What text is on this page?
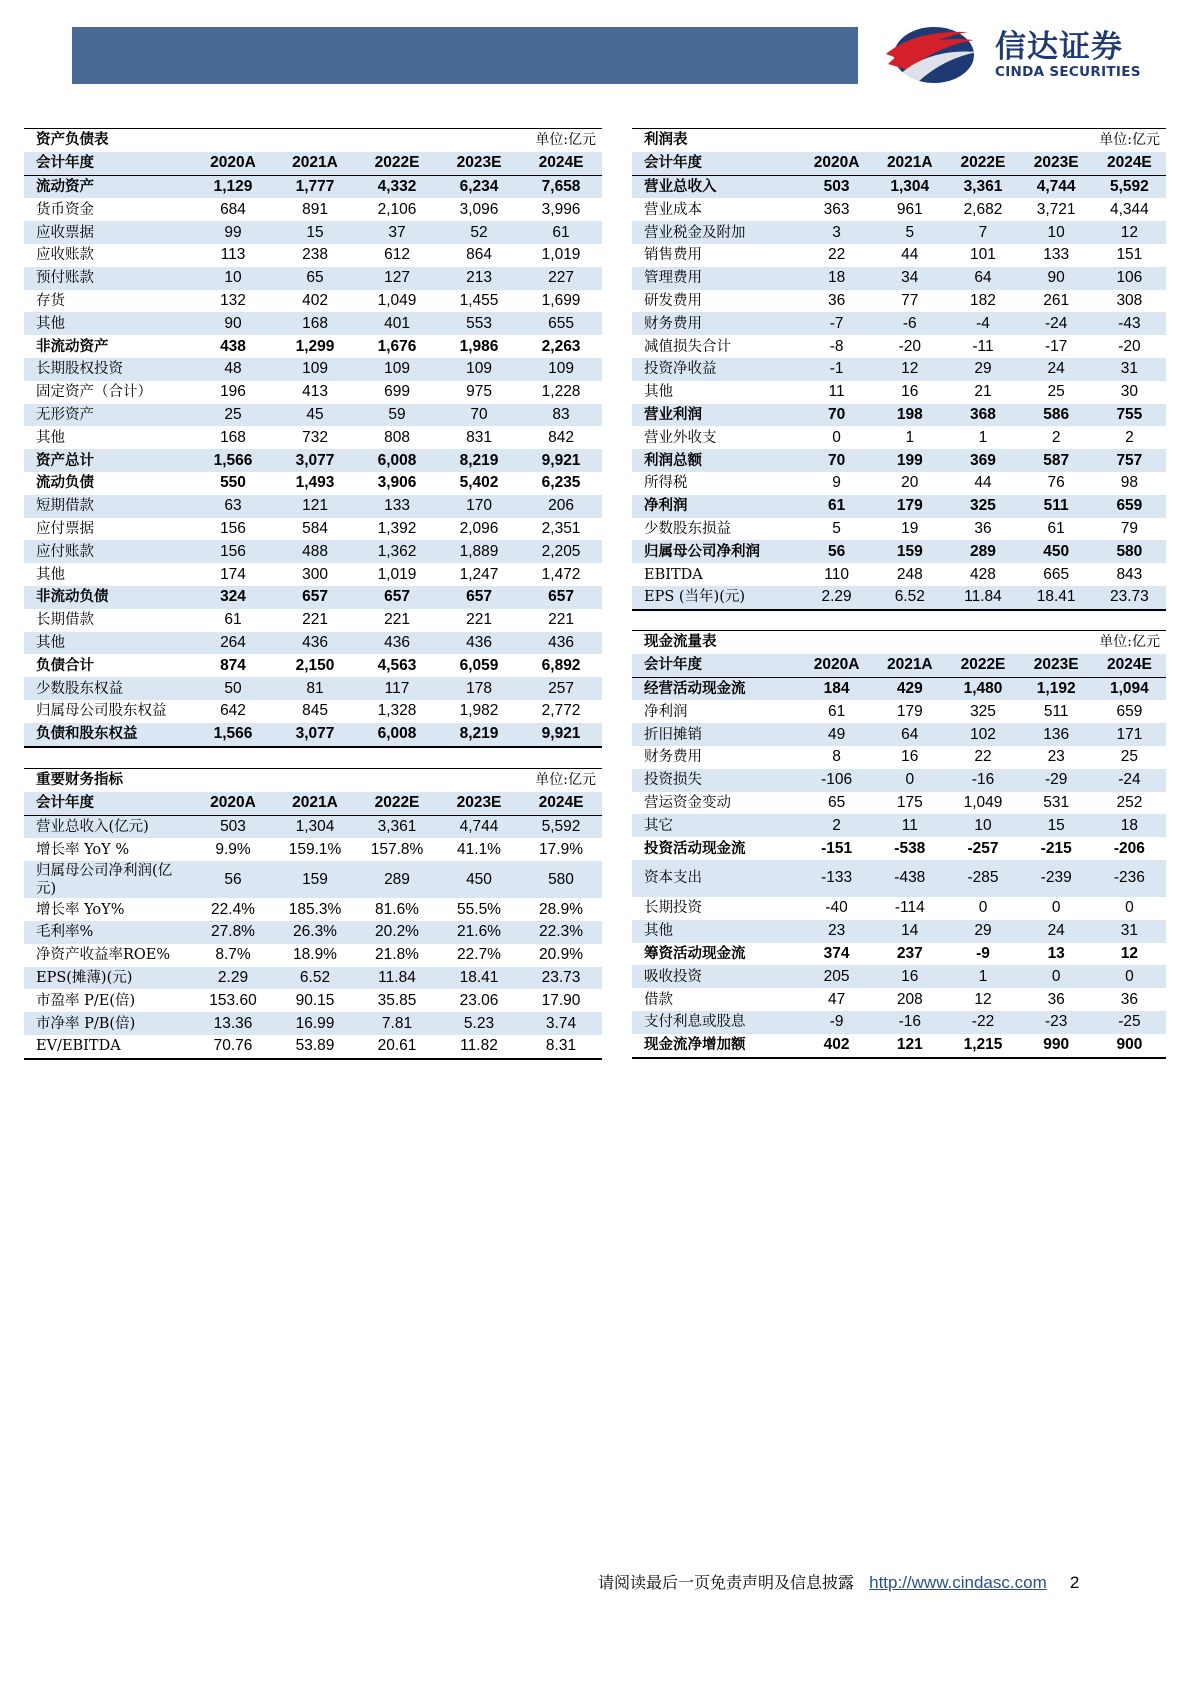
信达证券
CINDA SECURITIES
资产负债表			单位:亿元		
会计年度	2020A	2021A	2022E	2023E	2024E
流动资产	1,129	1,777	4,332	6,234	7,658
货币资金	684	891	2,106	3,096	3,996
应收票据	99	15	37	52	61
应收账款	113	238	612	864	1,019
预付账款	10	65	127	213	227
存货	132	402	1,049	1,455	1,699
其他	90	168	401	553	655
非流动资产	438	1,299	1,676	1,986	2,263
长期股权投资	48	109	109	109	109
固定资产（合计）	196	413	699	975	1,228
无形资产	25	45	59	70	83
其他	168	732	808	831	842
资产总计	1,566	3,077	6,008	8,219	9,921
流动负债	550	1,493	3,906	5,402	6,235
短期借款	63	121	133	170	206
应付票据	156	584	1,392	2,096	2,351
应付账款	156	488	1,362	1,889	2,205
其他	174	300	1,019	1,247	1,472
非流动负债	324	657	657	657	657
长期借款	61	221	221	221	221
其他	264	436	436	436	436
负债合计	874	2,150	4,563	6,059	6,892
少数股东权益	50	81	117	178	257
归属母公司股东权益	642	845	1,328	1,982	2,772
负债和股东权益	1,566	3,077	6,008	8,219	9,921
重要财务指标			单位:亿元		
会计年度	2020A	2021A	2022E	2023E	2024E
营业总收入(亿元)	503	1,304	3,361	4,744	5,592
增长率 YoY %	9.9%	159.1%	157.8%	41.1%	17.9%
归属母公司净利润(亿元)	56	159	289	450	580
增长率 YoY%	22.4%	185.3%	81.6%	55.5%	28.9%
毛利率%	27.8%	26.3%	20.2%	21.6%	22.3%
净资产收益率ROE%	8.7%	18.9%	21.8%	22.7%	20.9%
EPS(摊薄)(元)	2.29	6.52	11.84	18.41	23.73
市盈率 P/E(倍)	153.60	90.15	35.85	23.06	17.90
市净率 P/B(倍)	13.36	16.99	7.81	5.23	3.74
EV/EBITDA	70.76	53.89	20.61	11.82	8.31
利润表			单位:亿元		
会计年度	2020A	2021A	2022E	2023E	2024E
营业总收入	503	1,304	3,361	4,744	5,592
营业成本	363	961	2,682	3,721	4,344
营业税金及附加	3	5	7	10	12
销售费用	22	44	101	133	151
管理费用	18	34	64	90	106
研发费用	36	77	182	261	308
财务费用	-7	-6	-4	-24	-43
减值损失合计	-8	-20	-11	-17	-20
投资净收益	-1	12	29	24	31
其他	11	16	21	25	30
营业利润	70	198	368	586	755
营业外收支	0	1	1	2	2
利润总额	70	199	369	587	757
所得税	9	20	44	76	98
净利润	61	179	325	511	659
少数股东损益	5	19	36	61	79
归属母公司净利润	56	159	289	450	580
EBITDA	110	248	428	665	843
EPS (当年)(元)	2.29	6.52	11.84	18.41	23.73
现金流量表			单位:亿元		
会计年度	2020A	2021A	2022E	2023E	2024E
经营活动现金流	184	429	1,480	1,192	1,094
净利润	61	179	325	511	659
折旧摊销	49	64	102	136	171
财务费用	8	16	22	23	25
投资损失	-106	0	-16	-29	-24
营运资金变动	65	175	1,049	531	252
其它	2	11	10	15	18
投资活动现金流	-151	-538	-257	-215	-206
资本支出	-133	-438	-285	-239	-236
长期投资	-40	-114	0	0	0
其他	23	14	29	24	31
筹资活动现金流	374	237	-9	13	12
吸收投资	205	16	1	0	0
借款	47	208	12	36	36
支付利息或股息	-9	-16	-22	-23	-25
现金流净增加额	402	121	1,215	990	900
请阅读最后一页免责声明及信息披露 http://www.cindasc.com 2
